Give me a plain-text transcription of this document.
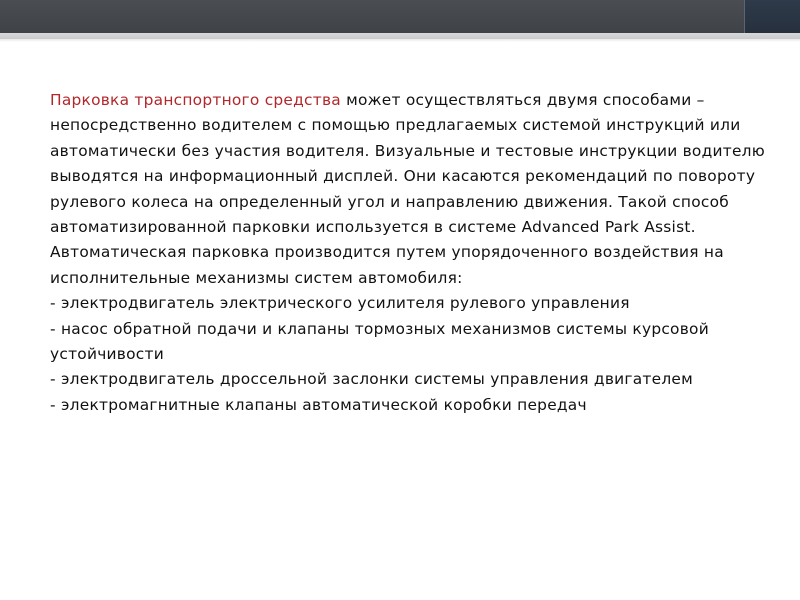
Парковка транспортного средства может осуществляться двумя способами – непосредственно водителем с помощью предлагаемых системой инструкций или автоматически без участия водителя. Визуальные и тестовые инструкции водителю выводятся на информационный дисплей. Они касаются рекомендаций по повороту рулевого колеса на определенный угол и направлению движения. Такой способ автоматизированной парковки используется в системе Advanced Park Assist.

Автоматическая парковка производится путем упорядоченного воздействия на исполнительные механизмы систем автомобиля:

- электродвигатель электрического усилителя рулевого управления

- насос обратной подачи и клапаны тормозных механизмов системы курсовой устойчивости

- электродвигатель дроссельной заслонки системы управления двигателем

- электромагнитные клапаны автоматической коробки передач
